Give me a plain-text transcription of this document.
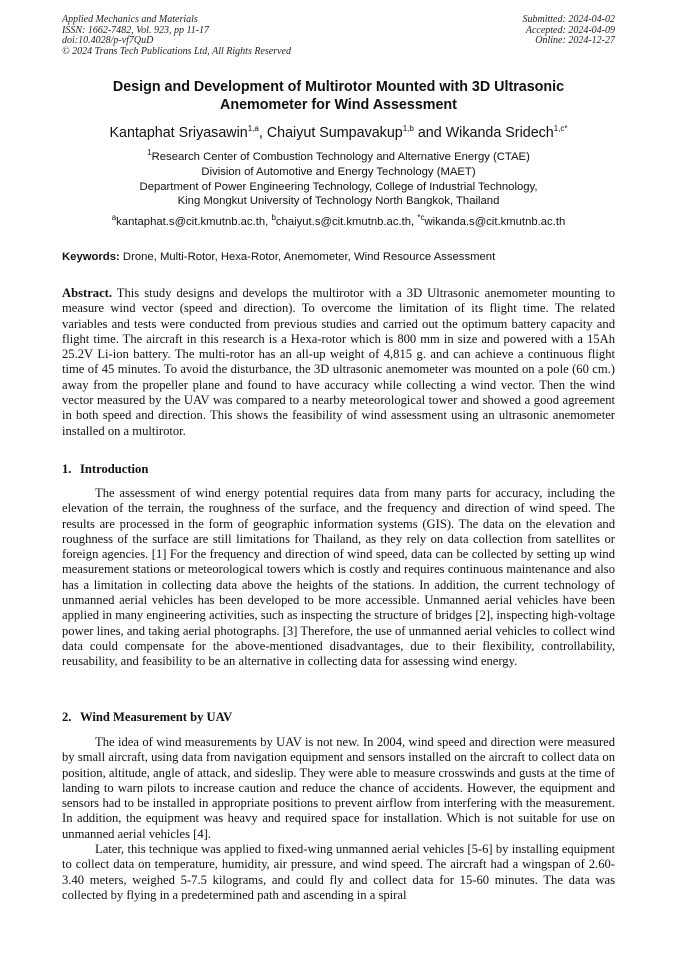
Applied Mechanics and Materials
ISSN: 1662-7482, Vol. 923, pp 11-17
doi:10.4028/p-vf7QuD
© 2024 Trans Tech Publications Ltd, All Rights Reserved
Submitted: 2024-04-02
Accepted: 2024-04-09
Online: 2024-12-27
Design and Development of Multirotor Mounted with 3D Ultrasonic
Anemometer for Wind Assessment
Kantaphat Sriyasawin$^{1,a}$, Chaiyut Sumpavakup$^{1,b}$ and Wikanda Sridech$^{1,c*}$
$^1$Research Center of Combustion Technology and Alternative Energy (CTAE)
Division of Automotive and Energy Technology (MAET)
Department of Power Engineering Technology, College of Industrial Technology,
King Mongkut University of Technology North Bangkok, Thailand
$^a$kantaphat.s@cit.kmutnb.ac.th, $^b$chaiyut.s@cit.kmutnb.ac.th, $^{*c}$wikanda.s@cit.kmutnb.ac.th
Keywords: Drone, Multi-Rotor, Hexa-Rotor, Anemometer, Wind Resource Assessment

Abstract. This study designs and develops the multirotor with a 3D Ultrasonic anemometer mounting to measure wind vector (speed and direction). To overcome the limitation of its flight time. The related variables and tests were conducted from previous studies and carried out the optimum battery capacity and flight time. The aircraft in this research is a Hexa-rotor which is 800 mm in size and powered with a 15Ah 25.2V Li-ion battery. The multi-rotor has an all-up weight of 4,815 g. and can achieve a continuous flight time of 45 minutes. To avoid the disturbance, the 3D ultrasonic anemometer was mounted on a pole (60 cm.) away from the propeller plane and found to have accuracy while collecting a wind vector. Then the wind vector measured by the UAV was compared to a nearby meteorological tower and showed a good agreement in both speed and direction. This shows the feasibility of wind assessment using an ultrasonic anemometer installed on a multirotor.

1. Introduction

The assessment of wind energy potential requires data from many parts for accuracy, including the elevation of the terrain, the roughness of the surface, and the frequency and direction of wind speed. The results are processed in the form of geographic information systems (GIS). The data on the elevation and roughness of the surface are still limitations for Thailand, as they rely on data collection from satellites or foreign agencies. [1] For the frequency and direction of wind speed, data can be collected by setting up wind measurement stations or meteorological towers which is costly and requires continuous maintenance and also has a limitation in collecting data above the heights of the stations. In addition, the current technology of unmanned aerial vehicles has been developed to be more accessible. Unmanned aerial vehicles have been applied in many engineering activities, such as inspecting the structure of bridges [2], inspecting high-voltage power lines, and taking aerial photographs. [3] Therefore, the use of unmanned aerial vehicles to collect wind data could compensate for the above-mentioned disadvantages, due to their flexibility, controllability, reusability, and feasibility to be an alternative in collecting data for assessing wind energy.

2. Wind Measurement by UAV

The idea of wind measurements by UAV is not new. In 2004, wind speed and direction were measured by small aircraft, using data from navigation equipment and sensors installed on the aircraft to collect data on position, altitude, angle of attack, and sideslip. They were able to measure crosswinds and gusts at the time of landing to warn pilots to increase caution and reduce the chance of accidents. However, the equipment and sensors had to be installed in appropriate positions to prevent airflow from interfering with the measurement. In addition, the equipment was heavy and required space for installation. Which is not suitable for use on unmanned aerial vehicles [4].

Later, this technique was applied to fixed-wing unmanned aerial vehicles [5-6] by installing equipment to collect data on temperature, humidity, air pressure, and wind speed. The aircraft had a wingspan of 2.60-3.40 meters, weighed 5-7.5 kilograms, and could fly and collect data for 15-60 minutes. The data was collected by flying in a predetermined path and ascending in a spiral
